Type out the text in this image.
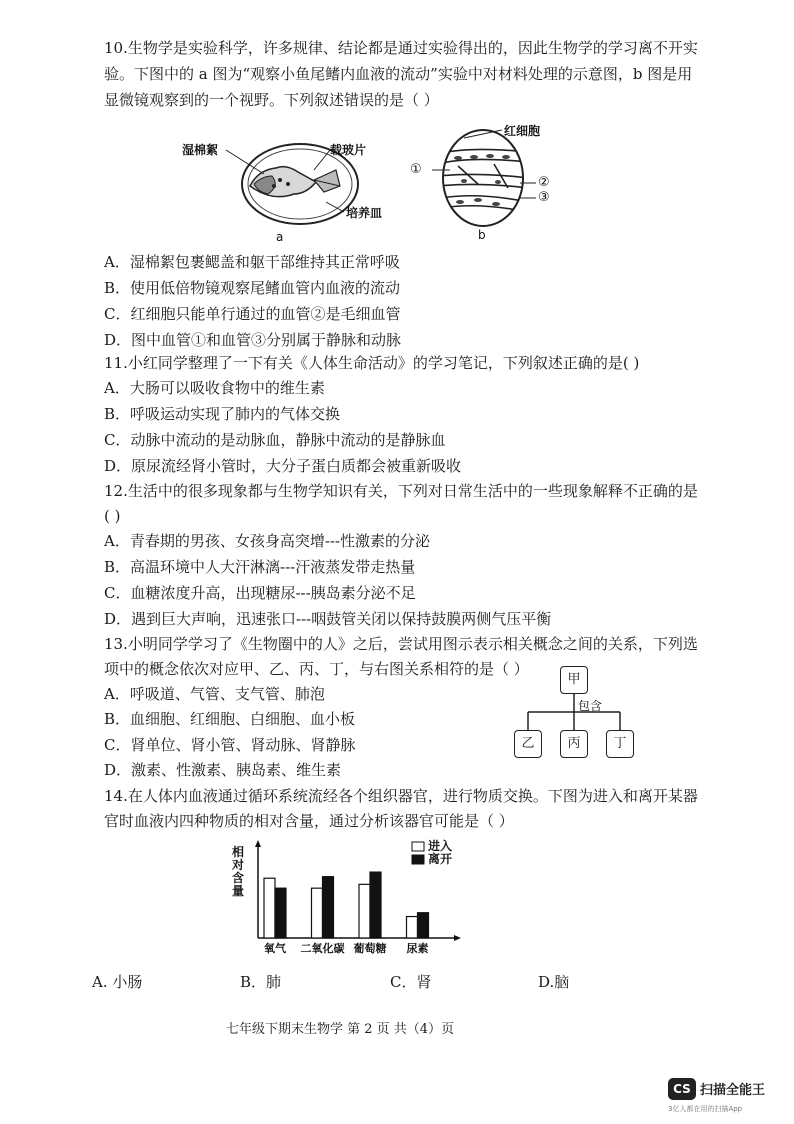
10.生物学是实验科学，许多规律、结论都是通过实验得出的，因此生物学的学习离不开实
验。下图中的 a 图为“观察小鱼尾鳍内血液的流动”实验中对材料处理的示意图，b 图是用
显微镜观察到的一个视野。下列叙述错误的是（ ）
湿棉絮	载玻片
培养皿
a
红细胞
①
②
③
b
A．湿棉絮包裹鳃盖和躯干部维持其正常呼吸
B．使用低倍物镜观察尾鳍血管内血液的流动
C．红细胞只能单行通过的血管②是毛细血管
D．图中血管①和血管③分别属于静脉和动脉
11.小红同学整理了一下有关《人体生命活动》的学习笔记，下列叙述正确的是( )
A．大肠可以吸收食物中的维生素
B．呼吸运动实现了肺内的气体交换
C．动脉中流动的是动脉血，静脉中流动的是静脉血
D．原尿流经肾小管时，大分子蛋白质都会被重新吸收
12.生活中的很多现象都与生物学知识有关，下列对日常生活中的一些现象解释不正确的是
( )
A．青春期的男孩、女孩身高突增---性激素的分泌
B．高温环境中人大汗淋漓---汗液蒸发带走热量
C．血糖浓度升高，出现糖尿---胰岛素分泌不足
D．遇到巨大声响，迅速张口---咽鼓管关闭以保持鼓膜两侧气压平衡
13.小明同学学习了《生物圈中的人》之后，尝试用图示表示相关概念之间的关系，下列选
项中的概念依次对应甲、乙、丙、丁，与右图关系相符的是（ ）
A．呼吸道、气管、支气管、肺泡
B．血细胞、红细胞、白细胞、血小板
C．肾单位、肾小管、肾动脉、肾静脉
D．激素、性激素、胰岛素、维生素
甲
包含
乙	丙	丁
14.在人体内血液通过循环系统流经各个组织器官，进行物质交换。下图为进入和离开某器
官时血液内四种物质的相对含量，通过分析该器官可能是（ ）
相
对
含
量
氧气 二氧化碳 葡萄糖 尿素
进入
离开
A. 小肠	B．肺	C．肾	D.脑
七年级下期末生物学 第 2 页 共（4）页
CS 扫描全能王
3亿人都在用的扫描App
